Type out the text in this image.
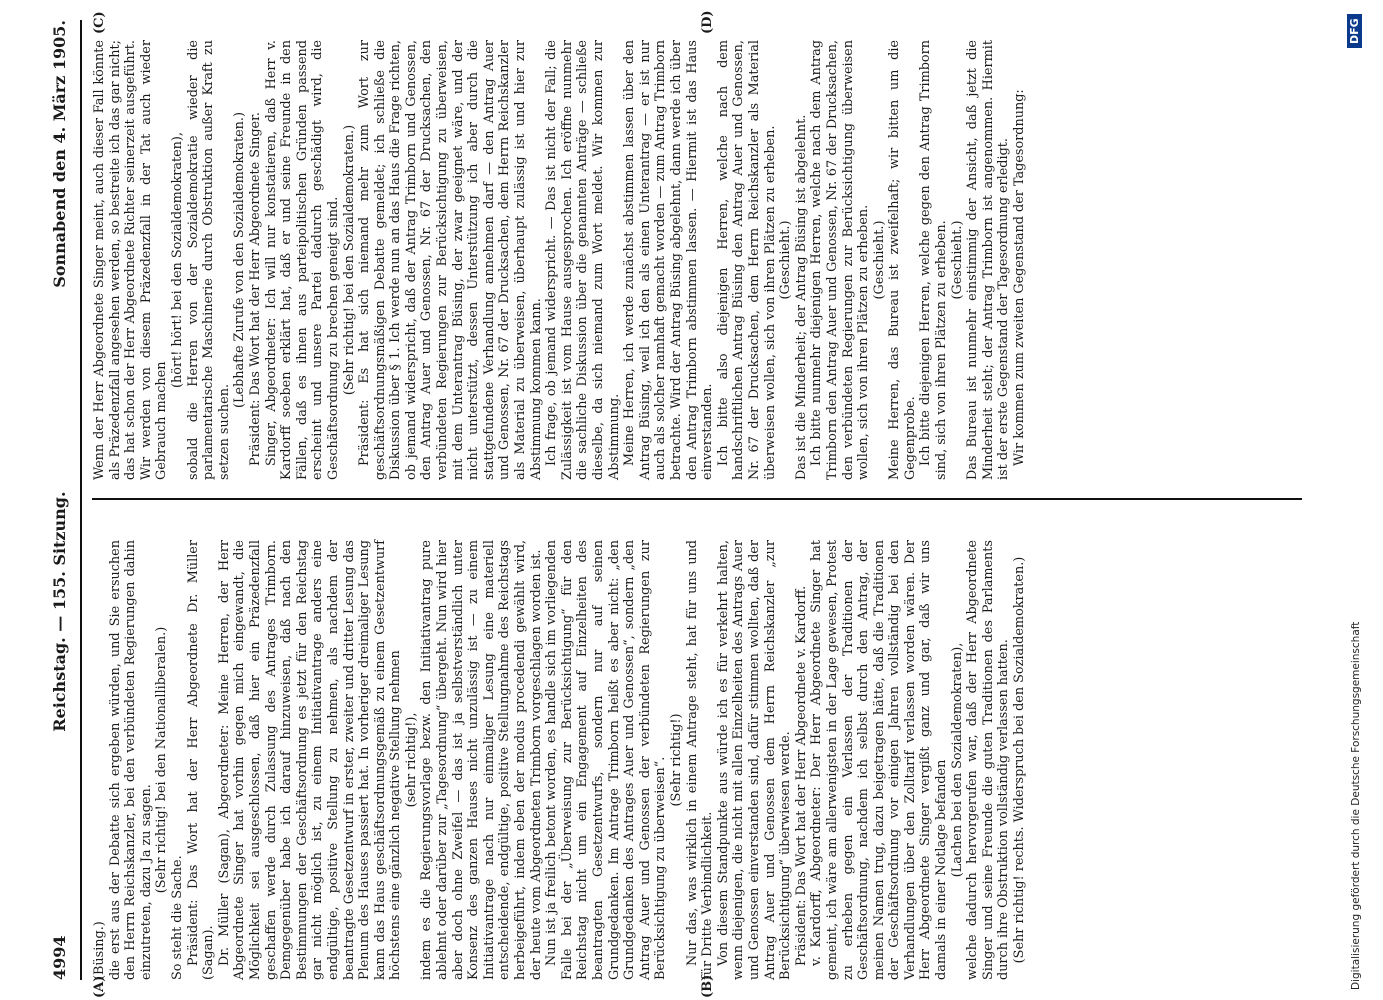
4994
Reichstag. — 155. Sitzung.
Sonnabend den 4. März 1905.
(A)	(B)
(C)	(D)

(Büsing.) die erst aus der Debatte sich ergeben würden, und Sie ersuchen den Herrn Reichskanzler, bei den verbündeten Regierungen dahin einzutreten, dazu Ja zu sagen. (Sehr richtig! bei den Nationalliberalen.)

So steht die Sache. Präsident: Das Wort hat der Herr Abgeordnete Dr. Müller (Sagan). Dr. Müller (Sagan), Abgeordneter: Meine Herren, der Herr Abgeordnete Singer hat vorhin gegen mich eingewandt, die Möglichkeit sei ausgeschlossen, daß hier ein Präzedenzfall geschaffen werde durch Zulassung des Antrages Trimborn. Demgegenüber habe ich darauf hinzuweisen, daß nach den Bestimmungen der Geschäftsordnung es jetzt für den Reichstag gar nicht möglich ist, zu einem Initiativantrage anders eine endgültige, positive Stellung zu nehmen, als nachdem der beantragte Gesetzentwurf in erster, zweiter und dritter Lesung das Plenum des Hauses passiert hat. In vorheriger dreimaliger Lesung kann das Haus geschäftsordnungsgemäß zu einem Gesetzentwurf höchstens eine gänzlich negative Stellung nehmen (sehr richtig!), indem es die Regierungsvorlage bezw. den Initiativantrag pure ablehnt oder darüber zur „Tagesordnung“ übergeht. Nun wird hier aber doch ohne Zweifel — das ist ja selbstverständlich unter Konsenz des ganzen Hauses nicht unzulässig ist — zu einem Initiativantrage nach nur einmaliger Lesung eine materiell entscheidende, endgültige, positive Stellungnahme des Reichstags herbeigeführt, indem eben der modus procedendi gewählt wird, der heute vom Abgeordneten Trimborn vorgeschlagen worden ist. Nun ist ja freilich betont worden, es handle sich im vorliegenden Falle bei der „Überweisung zur Berücksichtigung“ für den Reichstag nicht um ein Engagement auf Einzelheiten des beantragten Gesetzentwurfs, sondern nur auf seinen Grundgedanken. Im Antrage Trimborn heißt es aber nicht: „den Grundgedanken des Antrages Auer und Genossen“, sondern „den Antrag Auer und Genossen der verbündeten Regierungen zur Berücksichtigung zu überweisen“. (Sehr richtig!) Nur das, was wirklich in einem Antrage steht, hat für uns und für Dritte Verbindlichkeit. Von diesem Standpunkte aus würde ich es für verkehrt halten, wenn diejenigen, die nicht mit allen Einzelheiten des Antrags Auer und Genossen einverstanden sind, dafür stimmen wollten, daß der Antrag Auer und Genossen dem Herrn Reichskanzler „zur Berücksichtigung“ überwiesen werde. Präsident: Das Wort hat der Herr Abgeordnete v. Kardorff. v. Kardorff, Abgeordneter: Der Herr Abgeordnete Singer hat gemeint, ich wäre am allerwenigsten in der Lage gewesen, Protest zu erheben gegen ein Verlassen der Traditionen der Geschäftsordnung, nachdem ich selbst durch den Antrag, der meinen Namen trug, dazu beigetragen hätte, daß die Traditionen der Geschäftsordnung vor einigen Jahren vollständig bei den Verhandlungen über den Zolltarif verlassen worden wären. Der Herr Abgeordnete Singer vergißt ganz und gar, daß wir uns damals in einer Notlage befanden (Lachen bei den Sozialdemokraten), welche dadurch hervorgerufen war, daß der Herr Abgeordnete Singer und seine Freunde die guten Traditionen des Parlaments durch ihre Obstruktion vollständig verlassen hatten. (Sehr richtig! rechts. Widerspruch bei den Sozialdemokraten.)

Wenn der Herr Abgeordnete Singer meint, auch dieser Fall könnte als Präzedenzfall angesehen werden, so bestreite ich das gar nicht; das hat schon der Herr Abgeordnete Richter seinerzeit ausgeführt. Wir werden von diesem Präzedenzfall in der Tat auch wieder Gebrauch machen

(hört! hört! bei den Sozialdemokraten), sobald die Herren von der Sozialdemokratie wieder die parlamentarische Maschinerie durch Obstruktion außer Kraft zu setzen suchen.

(Lebhafte Zurufe von den Sozialdemokraten.) Präsident: Das Wort hat der Herr Abgeordnete Singer. Singer, Abgeordneter: Ich will nur konstatieren, daß Herr v. Kardorff soeben erklärt hat, daß er und seine Freunde in den Fällen, daß es ihnen aus parteipolitischen Gründen passend erscheint und unsere Partei dadurch geschädigt wird, die Geschäftsordnung zu brechen geneigt sind. (Sehr richtig! bei den Sozialdemokraten.) Präsident: Es hat sich niemand mehr zum Wort zur geschäftsordnungsmäßigen Debatte gemeldet; ich schließe die Diskussion über § 1. Ich werde nun an das Haus die Frage richten, ob jemand widerspricht, daß der Antrag Trimborn und Genossen, den Antrag Auer und Genossen, Nr. 67 der Drucksachen, den verbündeten Regierungen zur Berücksichtigung zu überweisen, mit dem Unterantrag Büsing, der zwar geeignet wäre, und der nicht unterstützt, dessen Unterstützung ich aber durch die stattgefundene Verhandlung annehmen darf — den Antrag Auer und Genossen, Nr. 67 der Drucksachen, dem Herrn Reichskanzler als Material zu überweisen, überhaupt zulässig ist und hier zur Abstimmung kommen kann. Ich frage, ob jemand widerspricht. — Das ist nicht der Fall; die Zulässigkeit ist vom Hause ausgesprochen. Ich eröffne nunmehr die sachliche Diskussion über die genannten Anträge — schließe dieselbe, da sich niemand zum Wort meldet. Wir kommen zur Abstimmung. Meine Herren, ich werde zunächst abstimmen lassen über den Antrag Büsing, weil ich den als einen Unterantrag — er ist nur auch als solcher namhaft gemacht worden — zum Antrag Trimborn betrachte. Wird der Antrag Büsing abgelehnt, dann werde ich über den Antrag Trimborn abstimmen lassen. — Hiermit ist das Haus einverstanden. Ich bitte also diejenigen Herren, welche nach dem handschriftlichen Antrag Büsing den Antrag Auer und Genossen, Nr. 67 der Drucksachen, dem Herrn Reichskanzler als Material überweisen wollen, sich von ihren Plätzen zu erheben. (Geschieht.) Das ist die Minderheit; der Antrag Büsing ist abgelehnt. Ich bitte nunmehr diejenigen Herren, welche nach dem Antrag Trimborn den Antrag Auer und Genossen, Nr. 67 der Drucksachen, den verbündeten Regierungen zur Berücksichtigung überweisen wollen, sich von ihren Plätzen zu erheben. (Geschieht.) Meine Herren, das Bureau ist zweifelhaft; wir bitten um die Gegenprobe. Ich bitte diejenigen Herren, welche gegen den Antrag Trimborn sind, sich von ihren Plätzen zu erheben. (Geschieht.) Das Bureau ist nunmehr einstimmig der Ansicht, daß jetzt die Minderheit steht; der Antrag Trimborn ist angenommen. Hiermit ist der erste Gegenstand der Tagesordnung erledigt. Wir kommen zum zweiten Gegenstand der Tagesordnung:

Digitalisierung gefördert durch die Deutsche Forschungsgemeinschaft
DFG
